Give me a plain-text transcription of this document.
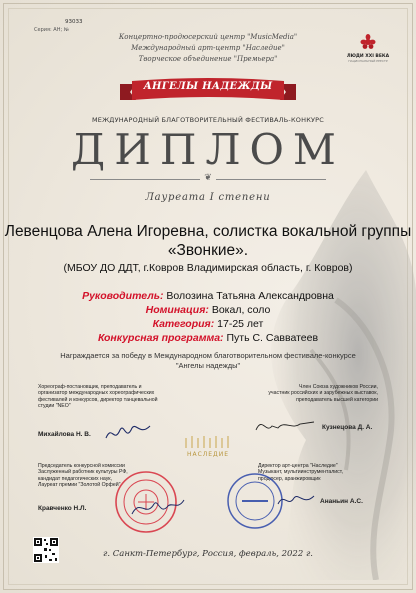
93033
Серия: АН; №
Концертно-продюсерский центр "MusicMedia"
Международный арт-центр "Наследие"
Творческое объединение "Премьера"	ЛЮДИ XXI ВЕКА
НАЦИОНАЛЬНЫЙ РЕЕСТР
АНГЕЛЫ НАДЕЖДЫ
МЕЖДУНАРОДНЫЙ БЛАГОТВОРИТЕЛЬНЫЙ ФЕСТИВАЛЬ-КОНКУРС
ДИПЛОМ
❦
Лауреата I степени
Левенцова Алена Игоревна, солистка вокальной группы
«Звонкие».
(МБОУ ДО ДДТ, г.Ковров Владимирская область, г. Ковров)
Руководитель: Волозина Татьяна Александровна
Номинация: Вокал, соло
Категория: 17-25 лет
Конкурсная программа: Путь С. Савватеев
Награждается за победу в Международном благотворительном фестивале-конкурсе
"Ангелы надежды"
Хореограф-постановщик, преподаватель и
организатор международных хореографических
фестивалей и конкурсов, директор танцевальной
студии "NEO"
Михайлова Н. В.
Член Союза художников России,
участник российских и зарубежных выставок,
преподаватель высшей категории
Кузнецова Д. А.
НАСЛЕДИЕ
Председатель конкурсной комиссии
Заслуженный работник культуры РФ,
кандидат педагогических наук,
Лауреат премии "Золотой Орфей"
Кравченко Н.Л.
Директор арт-центра "Наследие"
Музыкант, мультиинструменталист,
продюсер, аранжировщик
Ананьин А.С.
г. Санкт-Петербург, Россия, февраль, 2022 г.
